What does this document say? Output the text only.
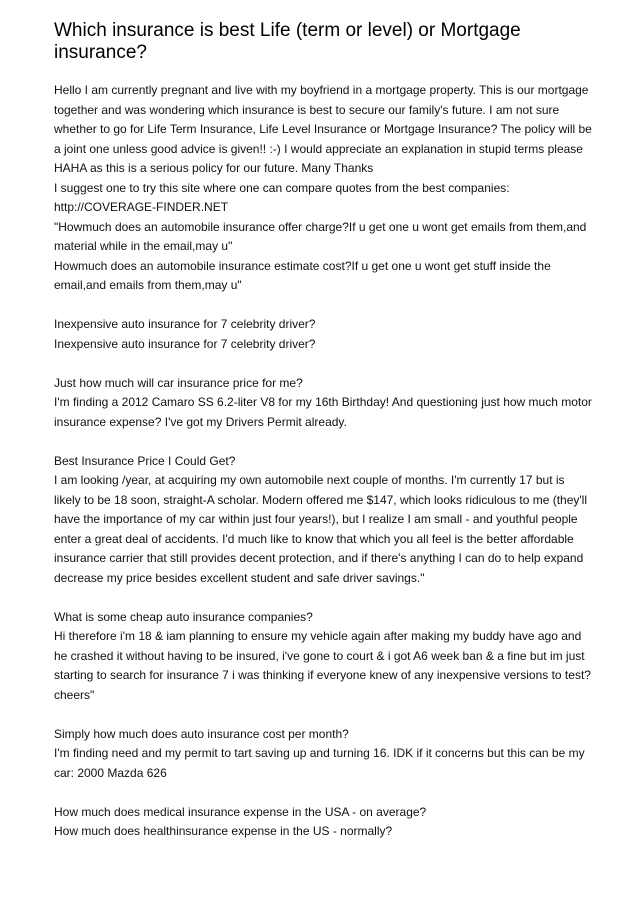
Which insurance is best Life (term or level) or Mortgage insurance?

Hello I am currently pregnant and live with my boyfriend in a mortgage property. This is our mortgage together and was wondering which insurance is best to secure our family's future. I am not sure whether to go for Life Term Insurance, Life Level Insurance or Mortgage Insurance? The policy will be a joint one unless good advice is given!! :-) I would appreciate an explanation in stupid terms please HAHA as this is a serious policy for our future. Many Thanks

I suggest one to try this site where one can compare quotes from the best companies:
http://COVERAGE-FINDER.NET
"Howmuch does an automobile insurance offer charge?If u get one u wont get emails from them,and material while in the email,may u"
Howmuch does an automobile insurance estimate cost?If u get one u wont get stuff inside the email,and emails from them,may u"
Inexpensive auto insurance for 7 celebrity driver?

Inexpensive auto insurance for 7 celebrity driver?

Just how much will car insurance price for me?

I'm finding a 2012 Camaro SS 6.2-liter V8 for my 16th Birthday! And questioning just how much motor insurance expense? I've got my Drivers Permit already.

Best Insurance Price I Could Get?

I am looking /year, at acquiring my own automobile next couple of months. I'm currently 17 but is likely to be 18 soon, straight-A scholar. Modern offered me $147, which looks ridiculous to me (they'll have the importance of my car within just four years!), but I realize I am small - and youthful people enter a great deal of accidents. I'd much like to know that which you all feel is the better affordable insurance carrier that still provides decent protection, and if there's anything I can do to help expand decrease my price besides excellent student and safe driver savings."

What is some cheap auto insurance companies?

Hi therefore i'm 18 & iam planning to ensure my vehicle again after making my buddy have ago and he crashed it without having to be insured, i've gone to court & i got A6 week ban & a fine but im just starting to search for insurance 7 i was thinking if everyone knew of any inexpensive versions to test? cheers"

Simply how much does auto insurance cost per month?

I'm finding need and my permit to tart saving up and turning 16. IDK if it concerns but this can be my car: 2000 Mazda 626

How much does medical insurance expense in the USA - on average?

How much does healthinsurance expense in the US - normally?
